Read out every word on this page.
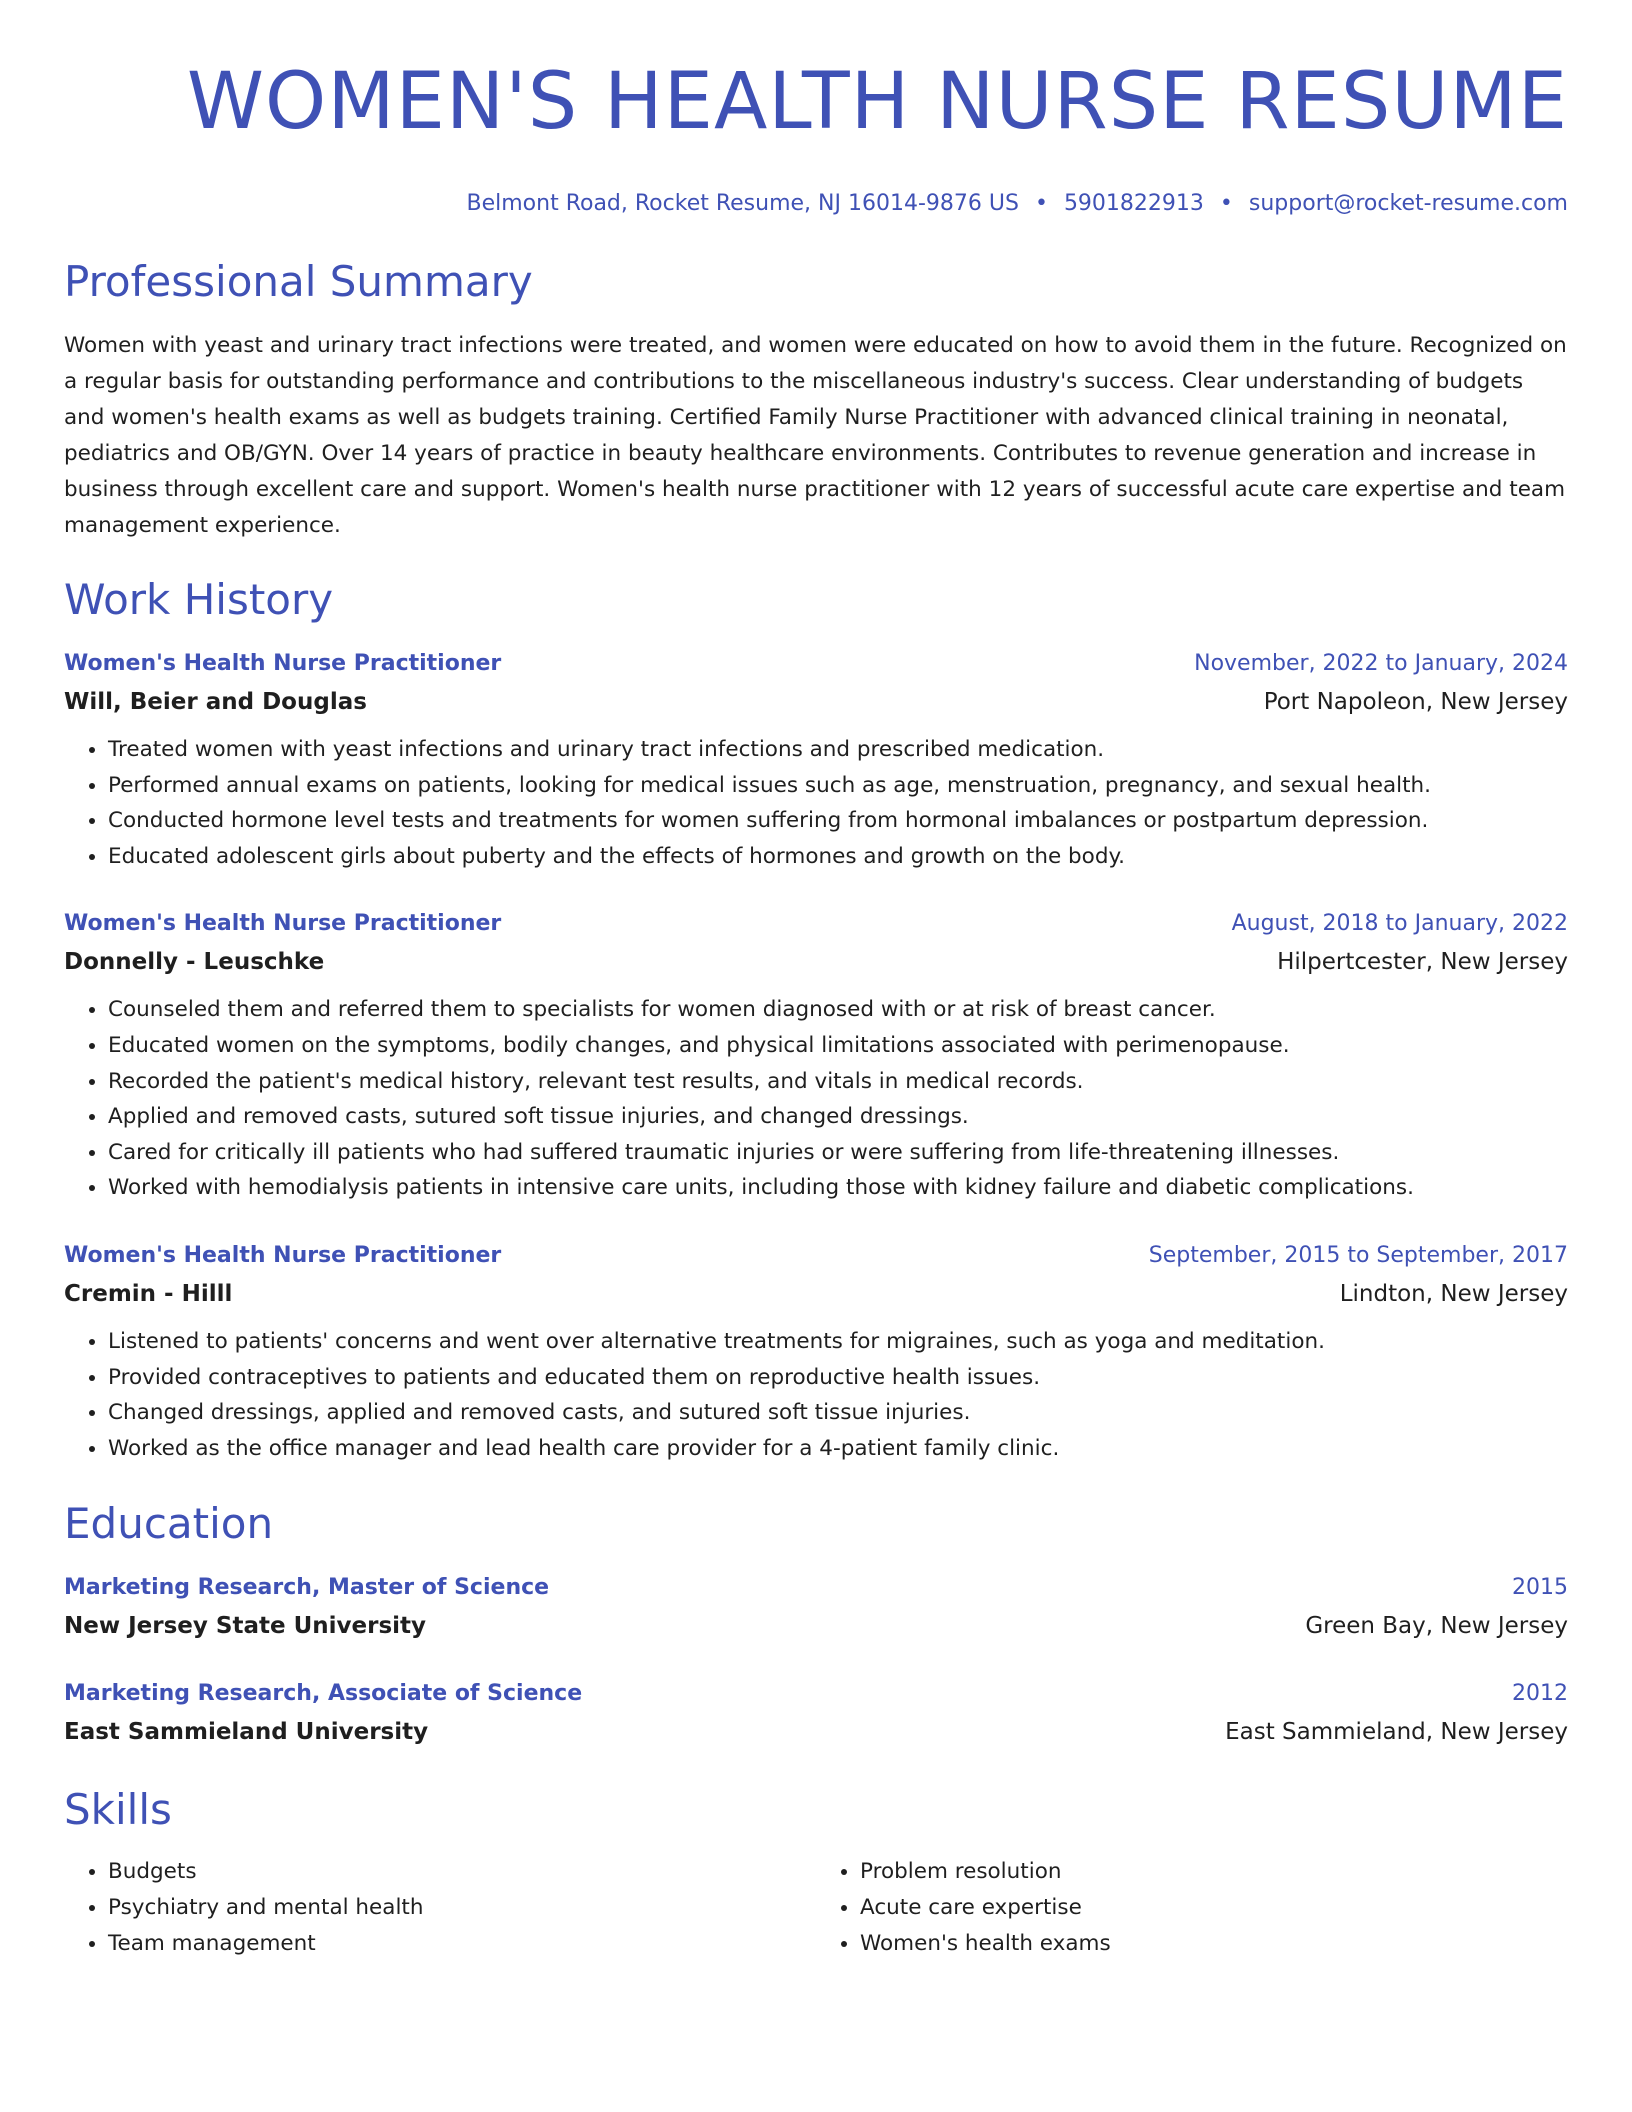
WOMEN'S HEALTH NURSE RESUME
Belmont Road, Rocket Resume, NJ 16014-9876 US • 5901822913 • support@rocket-resume.com
Professional Summary
Women with yeast and urinary tract infections were treated, and women were educated on how to avoid them in the future. Recognized on a regular basis for outstanding performance and contributions to the miscellaneous industry's success. Clear understanding of budgets and women's health exams as well as budgets training. Certified Family Nurse Practitioner with advanced clinical training in neonatal, pediatrics and OB/GYN. Over 14 years of practice in beauty healthcare environments. Contributes to revenue generation and increase in business through excellent care and support. Women's health nurse practitioner with 12 years of successful acute care expertise and team management experience.
Work History
Women's Health Nurse Practitioner	November, 2022 to January, 2024
Will, Beier and Douglas	Port Napoleon, New Jersey
• Treated women with yeast infections and urinary tract infections and prescribed medication.
• Performed annual exams on patients, looking for medical issues such as age, menstruation, pregnancy, and sexual health.
• Conducted hormone level tests and treatments for women suffering from hormonal imbalances or postpartum depression.
• Educated adolescent girls about puberty and the effects of hormones and growth on the body.
Women's Health Nurse Practitioner	August, 2018 to January, 2022
Donnelly - Leuschke	Hilpertcester, New Jersey
• Counseled them and referred them to specialists for women diagnosed with or at risk of breast cancer.
• Educated women on the symptoms, bodily changes, and physical limitations associated with perimenopause.
• Recorded the patient's medical history, relevant test results, and vitals in medical records.
• Applied and removed casts, sutured soft tissue injuries, and changed dressings.
• Cared for critically ill patients who had suffered traumatic injuries or were suffering from life-threatening illnesses.
• Worked with hemodialysis patients in intensive care units, including those with kidney failure and diabetic complications.
Women's Health Nurse Practitioner	September, 2015 to September, 2017
Cremin - Hilll	Lindton, New Jersey
• Listened to patients' concerns and went over alternative treatments for migraines, such as yoga and meditation.
• Provided contraceptives to patients and educated them on reproductive health issues.
• Changed dressings, applied and removed casts, and sutured soft tissue injuries.
• Worked as the office manager and lead health care provider for a 4-patient family clinic.
Education
Marketing Research, Master of Science	2015
New Jersey State University	Green Bay, New Jersey
Marketing Research, Associate of Science	2012
East Sammieland University	East Sammieland, New Jersey
Skills
• Budgets
• Psychiatry and mental health
• Team management
• Problem resolution
• Acute care expertise
• Women's health exams
